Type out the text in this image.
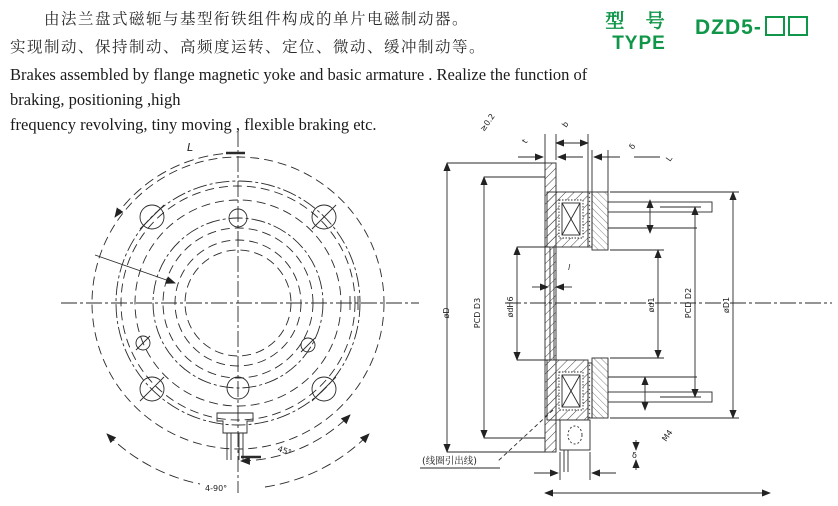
由法兰盘式磁轭与基型衔铁组件构成的单片电磁制动器。
实现制动、保持制动、高频度运转、定位、微动、缓冲制动等。
Brakes assembled by flange magnetic yoke and basic armature . Realize the function of braking, positioning ,high
frequency revolving, tiny moving , flexible braking etc.
型 号
TYPE
DZD5-
L
45°
4-90°
øD	PCD D3	ødH6	ød1	PCD D2	øD1
≥0.2
t
b
δ
L
δ
M4
l
(线圈引出线)
